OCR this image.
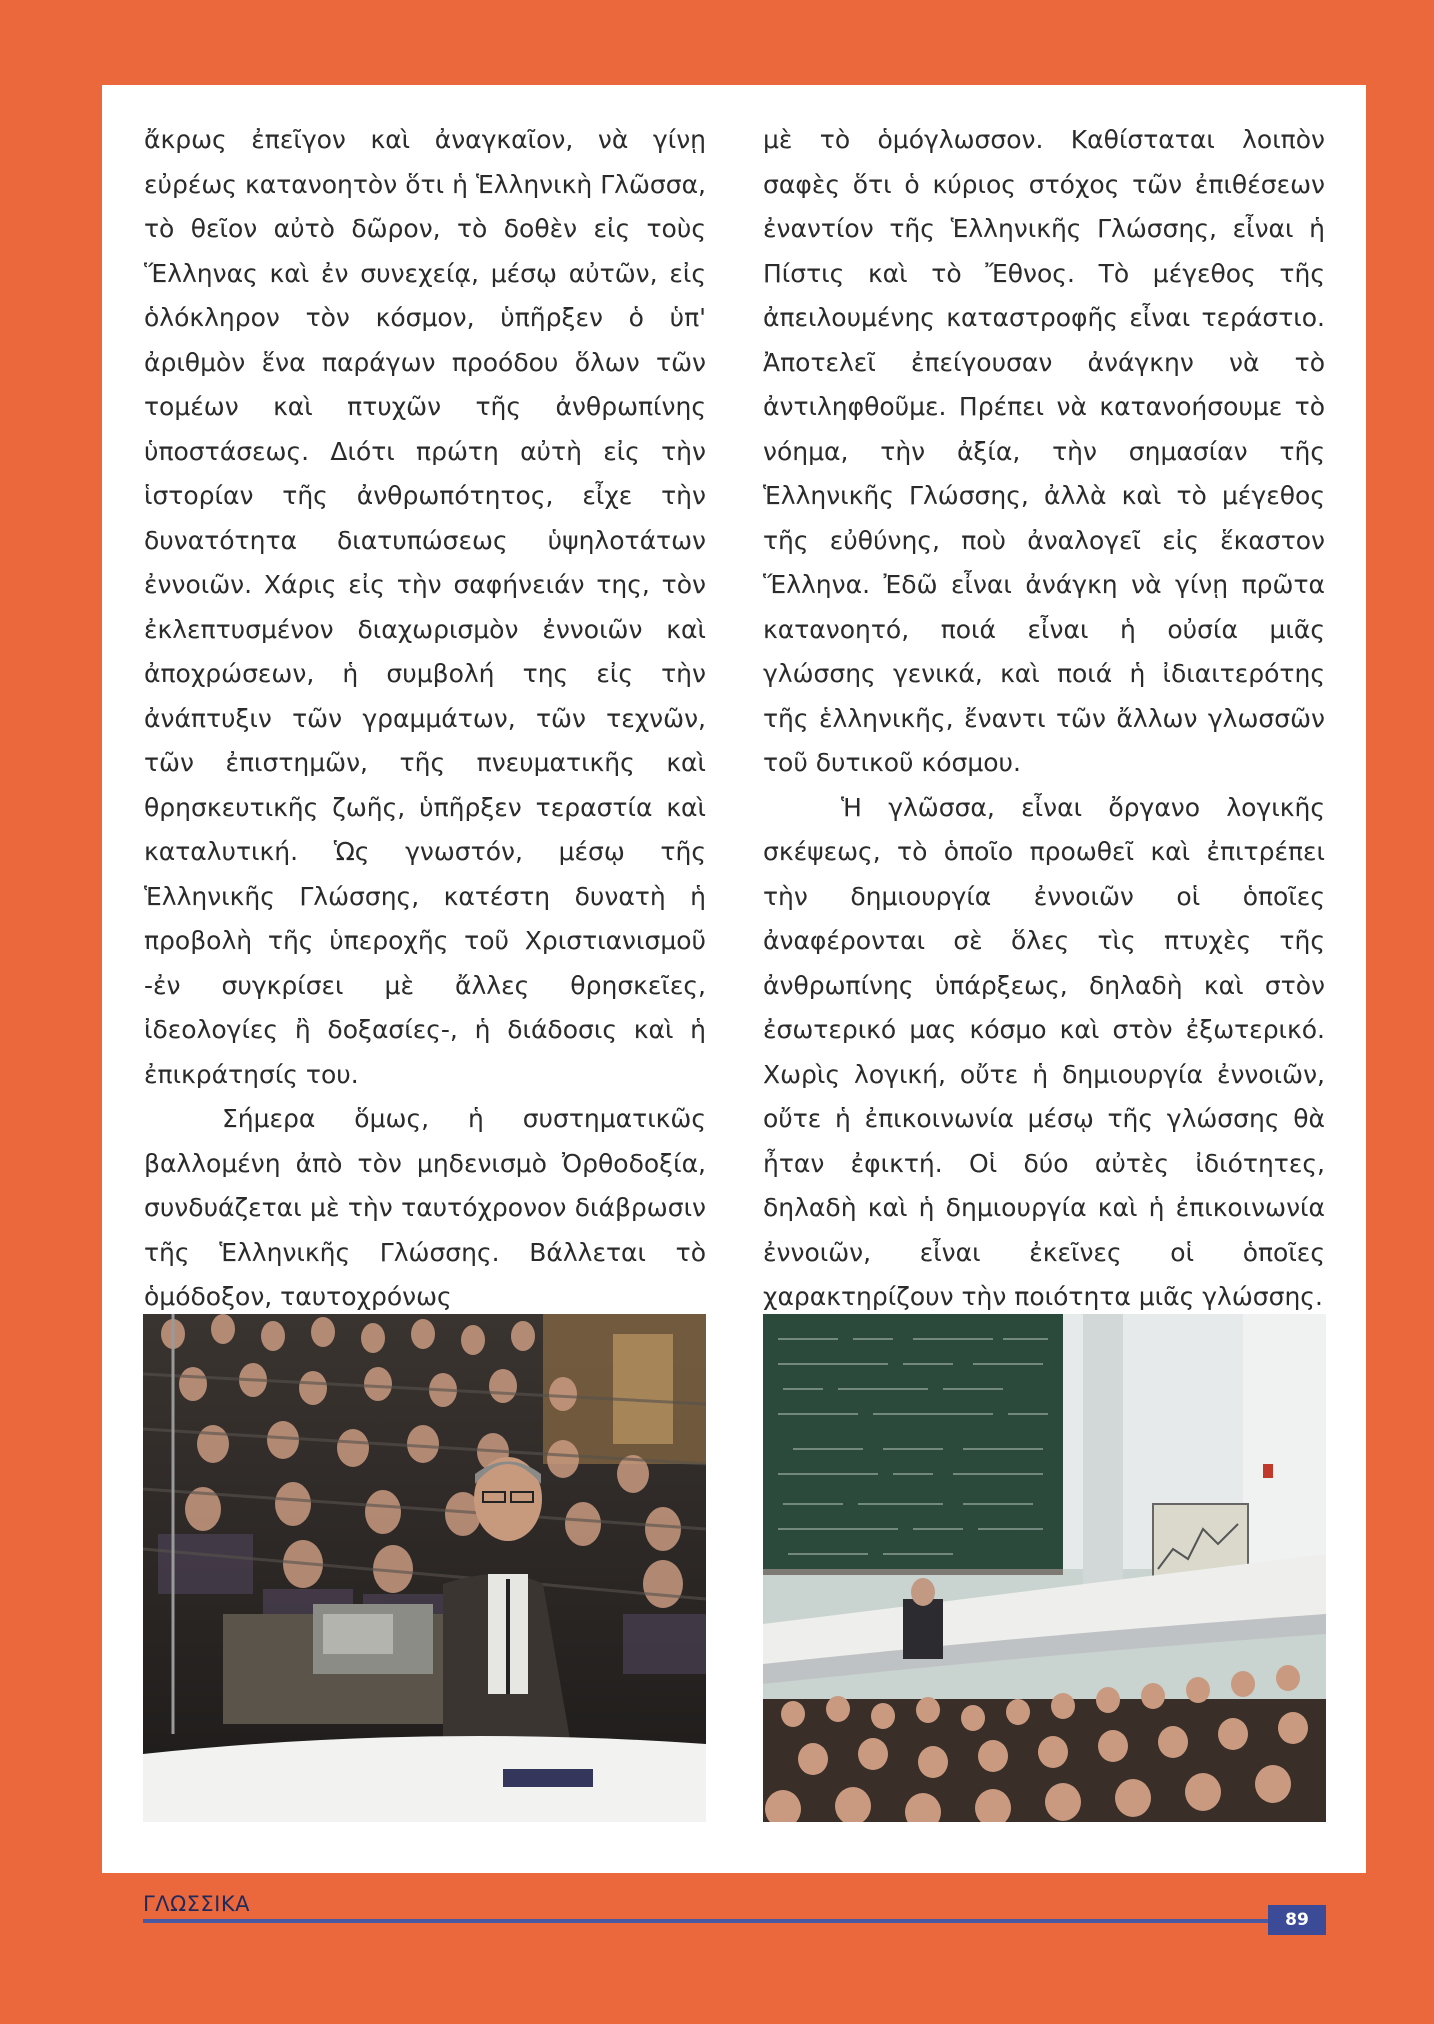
ἄκρως ἐπεῖγον καὶ ἀναγκαῖον, νὰ γίνῃ εὐρέως κατανοητὸν ὅτι ἡ Ἑλληνικὴ Γλῶσσα, τὸ θεῖον αὐτὸ δῶρον, τὸ δοθὲν εἰς τοὺς Ἕλληνας καὶ ἐν συνεχείᾳ, μέσῳ αὐτῶν, εἰς ὁλόκληρον τὸν κόσμον, ὑπῆρξεν ὁ ὑπ' ἀριθμὸν ἕνα παράγων προόδου ὅλων τῶν τομέων καὶ πτυχῶν τῆς ἀνθρωπίνης ὑποστάσεως. Διότι πρώτη αὐτὴ εἰς τὴν ἱστορίαν τῆς ἀνθρωπότητος, εἶχε τὴν δυνατότητα διατυπώσεως ὑψηλοτάτων ἐννοιῶν. Χάρις εἰς τὴν σαφήνειάν της, τὸν ἐκλεπτυσμένον διαχωρισμὸν ἐννοιῶν καὶ ἀποχρώσεων, ἡ συμβολή της εἰς τὴν ἀνάπτυξιν τῶν γραμμάτων, τῶν τεχνῶν, τῶν ἐπιστημῶν, τῆς πνευματικῆς καὶ θρησκευτικῆς ζωῆς, ὑπῆρξεν τεραστία καὶ καταλυτική. Ὡς γνωστόν, μέσῳ τῆς Ἑλληνικῆς Γλώσσης, κατέστη δυνατὴ ἡ προβολὴ τῆς ὑπεροχῆς τοῦ Χριστιανισμοῦ -ἐν συγκρίσει μὲ ἄλλες θρησκεῖες, ἰδεολογίες ἢ δοξασίες-, ἡ διάδοσις καὶ ἡ ἐπικράτησίς του.

Σήμερα ὅμως, ἡ συστηματικῶς βαλλομένη ἀπὸ τὸν μηδενισμὸ Ὀρθοδοξία, συνδυάζεται μὲ τὴν ταυτόχρονον διάβρωσιν τῆς Ἑλληνικῆς Γλώσσης. Βάλλεται τὸ ὁμόδοξον, ταυτοχρόνως

μὲ τὸ ὁμόγλωσσον. Καθίσταται λοιπὸν σαφὲς ὅτι ὁ κύριος στόχος τῶν ἐπιθέσεων ἐναντίον τῆς Ἑλληνικῆς Γλώσσης, εἶναι ἡ Πίστις καὶ τὸ Ἔθνος. Τὸ μέγεθος τῆς ἀπειλουμένης καταστροφῆς εἶναι τεράστιο. Ἀποτελεῖ ἐπείγουσαν ἀνάγκην νὰ τὸ ἀντιληφθοῦμε. Πρέπει νὰ κατανοήσουμε τὸ νόημα, τὴν ἀξία, τὴν σημασίαν τῆς Ἑλληνικῆς Γλώσσης, ἀλλὰ καὶ τὸ μέγεθος τῆς εὐθύνης, ποὺ ἀναλογεῖ εἰς ἕκαστον Ἕλληνα. Ἐδῶ εἶναι ἀνάγκη νὰ γίνῃ πρῶτα κατανοητό, ποιά εἶναι ἡ οὐσία μιᾶς γλώσσης γενικά, καὶ ποιά ἡ ἰδιαιτερότης τῆς ἑλληνικῆς, ἔναντι τῶν ἄλλων γλωσσῶν τοῦ δυτικοῦ κόσμου.

Ἡ γλῶσσα, εἶναι ὄργανο λογικῆς σκέψεως, τὸ ὁποῖο προωθεῖ καὶ ἐπιτρέπει τὴν δημιουργία ἐννοιῶν οἱ ὁποῖες ἀναφέρονται σὲ ὅλες τὶς πτυχὲς τῆς ἀνθρωπίνης ὑπάρξεως, δηλαδὴ καὶ στὸν ἐσωτερικό μας κόσμο καὶ στὸν ἐξωτερικό. Χωρὶς λογική, οὔτε ἡ δημιουργία ἐννοιῶν, οὔτε ἡ ἐπικοινωνία μέσῳ τῆς γλώσσης θὰ ἦταν ἐφικτή. Οἱ δύο αὐτὲς ἰδιότητες, δηλαδὴ καὶ ἡ δημιουργία καὶ ἡ ἐπικοινωνία ἐννοιῶν, εἶναι ἐκεῖνες οἱ ὁποῖες χαρακτηρίζουν τὴν ποιότητα μιᾶς γλώσσης.

ΓΛΩΣΣΙΚΑ
89
